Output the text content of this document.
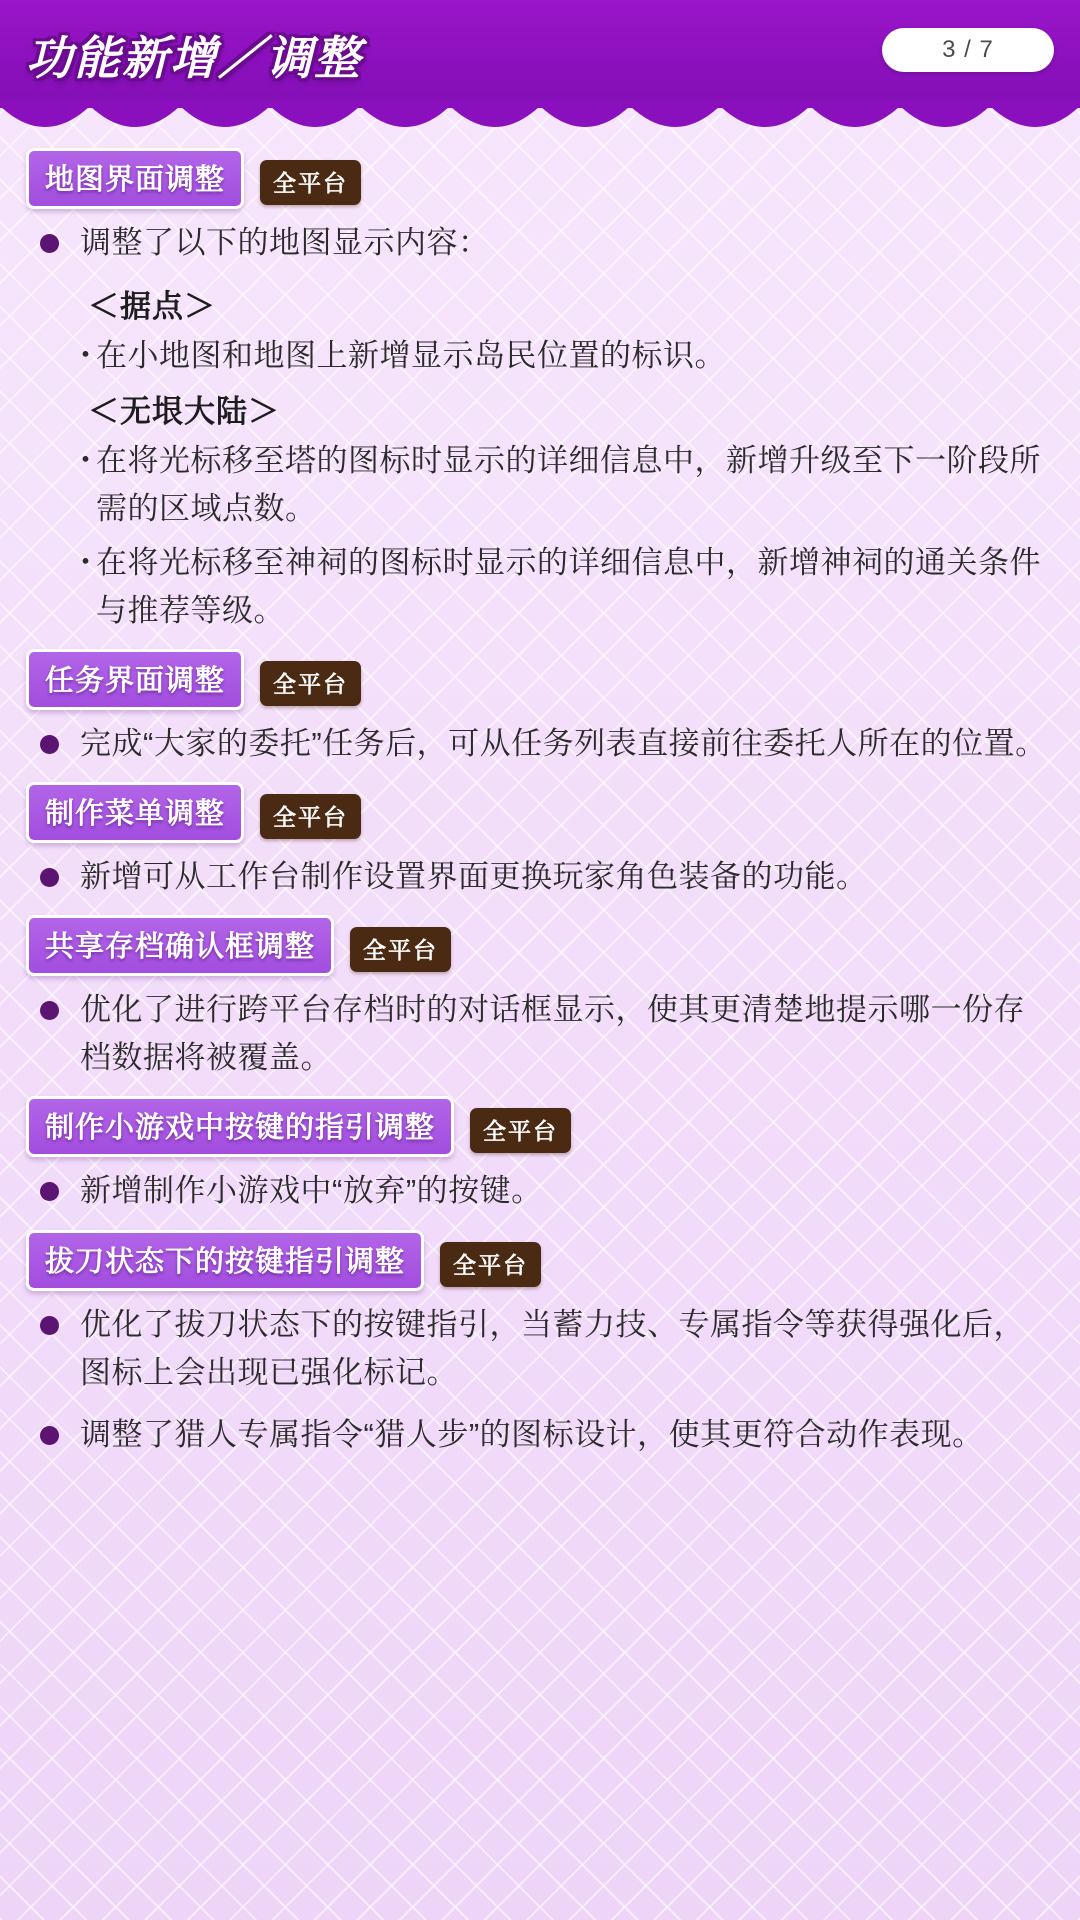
功能新增／调整	3 / 7
地图界面调整	全平台
调整了以下的地图显示内容：
＜据点＞
・ 在小地图和地图上新增显示岛民位置的标识。
＜无垠大陆＞
・ 在将光标移至塔的图标时显示的详细信息中，新增升级至下一阶段所需的区域点数。
・ 在将光标移至神祠的图标时显示的详细信息中，新增神祠的通关条件与推荐等级。
任务界面调整	全平台
完成“大家的委托”任务后，可从任务列表直接前往委托人所在的位置。
制作菜单调整	全平台
新增可从工作台制作设置界面更换玩家角色装备的功能。
共享存档确认框调整	全平台
优化了进行跨平台存档时的对话框显示，使其更清楚地提示哪一份存档数据将被覆盖。
制作小游戏中按键的指引调整	全平台
新增制作小游戏中“放弃”的按键。
拔刀状态下的按键指引调整	全平台
优化了拔刀状态下的按键指引，当蓄力技、专属指令等获得强化后，图标上会出现已强化标记。
调整了猎人专属指令“猎人步”的图标设计，使其更符合动作表现。
